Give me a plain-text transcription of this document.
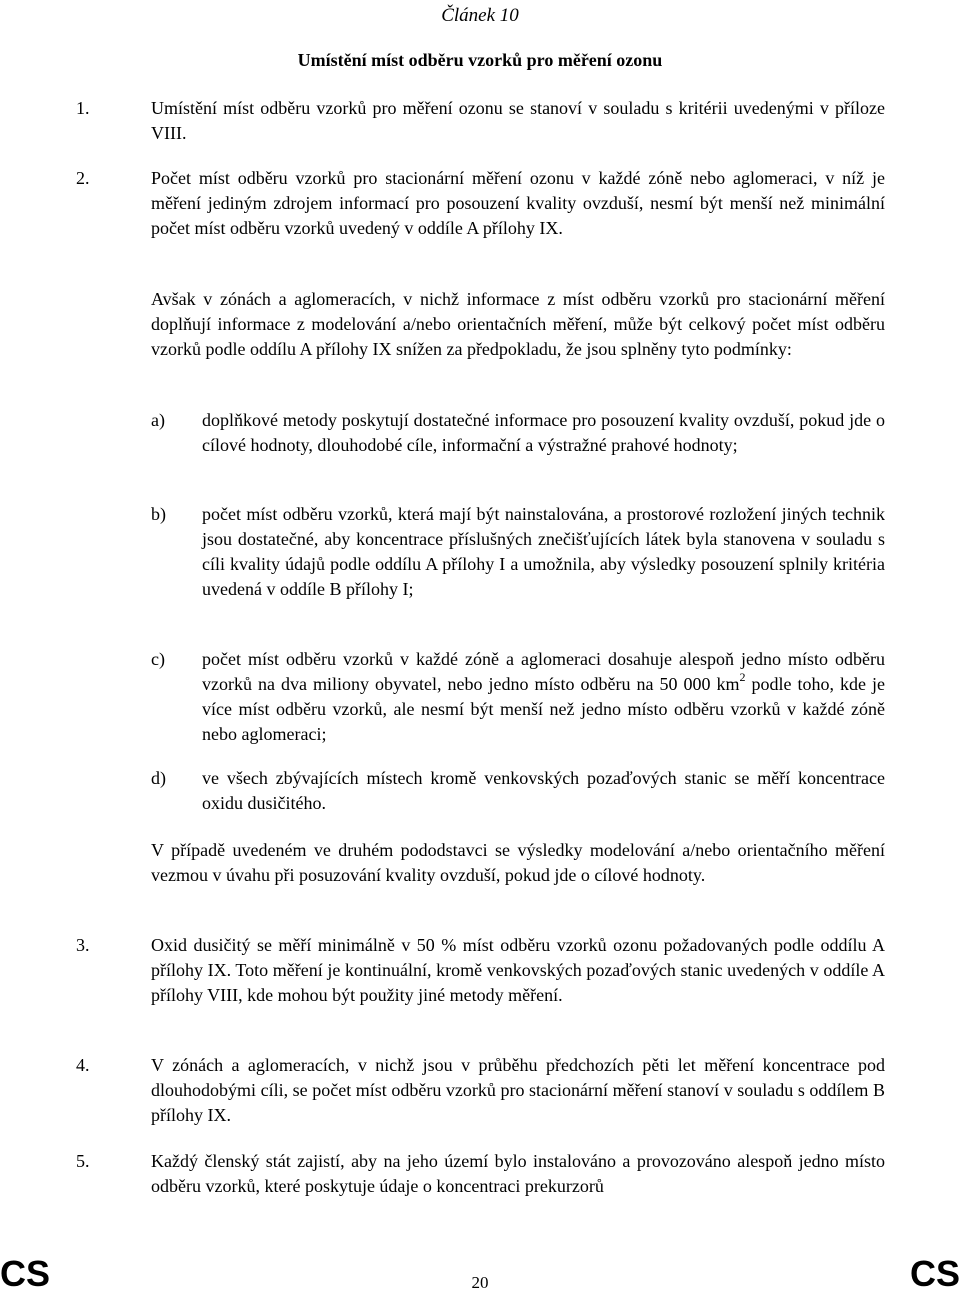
Článek 10
Umístění míst odběru vzorků pro měření ozonu
1.	Umístění míst odběru vzorků pro měření ozonu se stanoví v souladu s kritérii uvedenými v příloze VIII.
2.	Počet míst odběru vzorků pro stacionární měření ozonu v každé zóně nebo aglomeraci, v níž je měření jediným zdrojem informací pro posouzení kvality ovzduší, nesmí být menší než minimální počet míst odběru vzorků uvedený v oddíle A přílohy IX.
Avšak v zónách a aglomeracích, v nichž informace z míst odběru vzorků pro stacionární měření doplňují informace z modelování a/nebo orientačních měření, může být celkový počet míst odběru vzorků podle oddílu A přílohy IX snížen za předpokladu, že jsou splněny tyto podmínky:
a) doplňkové metody poskytují dostatečné informace pro posouzení kvality ovzduší, pokud jde o cílové hodnoty, dlouhodobé cíle, informační a výstražné prahové hodnoty;
b) počet míst odběru vzorků, která mají být nainstalována, a prostorové rozložení jiných technik jsou dostatečné, aby koncentrace příslušných znečišťujících látek byla stanovena v souladu s cíli kvality údajů podle oddílu A přílohy I a umožnila, aby výsledky posouzení splnily kritéria uvedená v oddíle B přílohy I;
c) počet míst odběru vzorků v každé zóně a aglomeraci dosahuje alespoň jedno místo odběru vzorků na dva miliony obyvatel, nebo jedno místo odběru na 50 000 $km^2$ podle toho, kde je více míst odběru vzorků, ale nesmí být menší než jedno místo odběru vzorků v každé zóně nebo aglomeraci;
d) ve všech zbývajících místech kromě venkovských pozaďových stanic se měří koncentrace oxidu dusičitého.
V případě uvedeném ve druhém pododstavci se výsledky modelování a/nebo orientačního měření vezmou v úvahu při posuzování kvality ovzduší, pokud jde o cílové hodnoty.
3.	Oxid dusičitý se měří minimálně v 50 % míst odběru vzorků ozonu požadovaných podle oddílu A přílohy IX. Toto měření je kontinuální, kromě venkovských pozaďových stanic uvedených v oddíle A přílohy VIII, kde mohou být použity jiné metody měření.
4.	V zónách a aglomeracích, v nichž jsou v průběhu předchozích pěti let měření koncentrace pod dlouhodobými cíli, se počet míst odběru vzorků pro stacionární měření stanoví v souladu s oddílem B přílohy IX.
5.	Každý členský stát zajistí, aby na jeho území bylo instalováno a provozováno alespoň jedno místo odběru vzorků, které poskytuje údaje o koncentraci prekurzorů
CS	20	CS
